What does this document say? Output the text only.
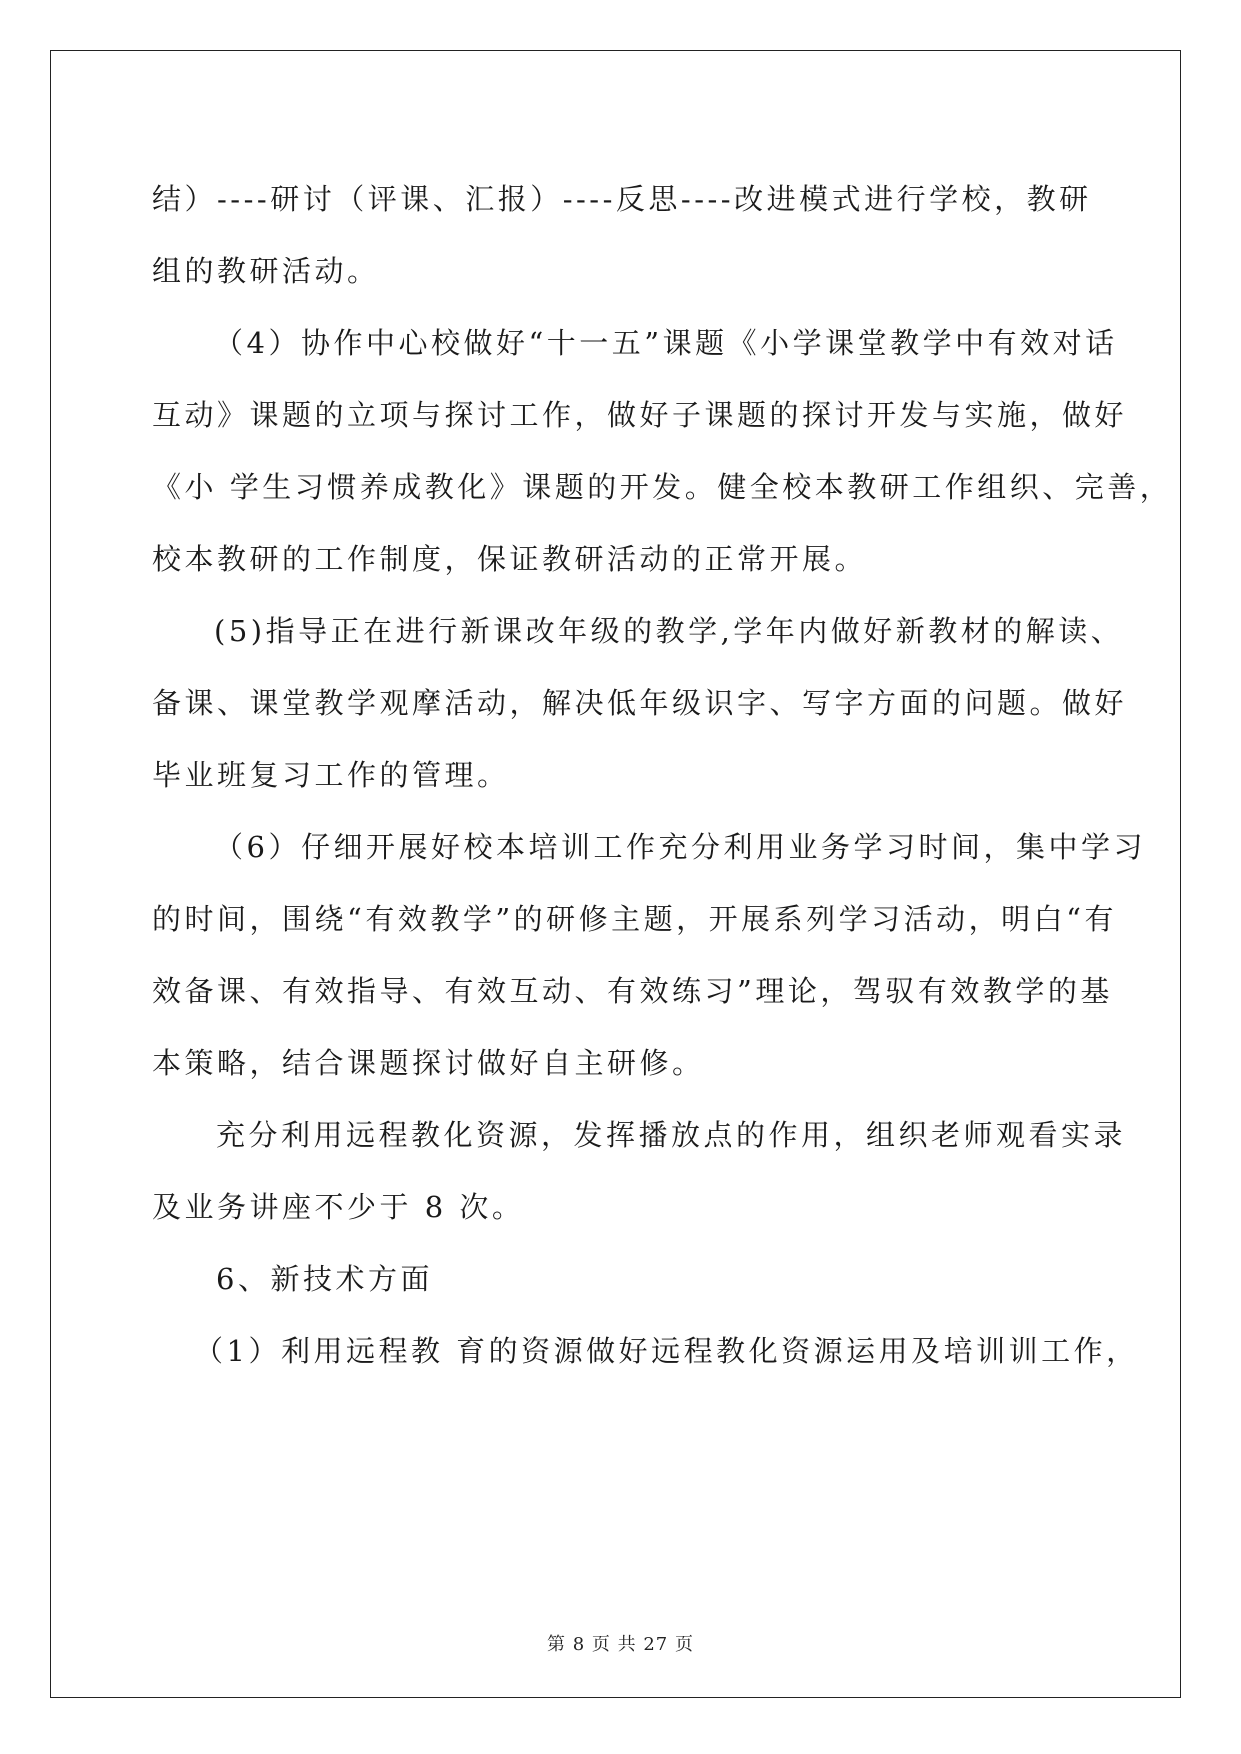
结）----研讨（评课、汇报）----反思----改进模式进行学校，教研
组的教研活动。
（4）协作中心校做好“十一五”课题《小学课堂教学中有效对话
互动》课题的立项与探讨工作，做好子课题的探讨开发与实施，做好
《小 学生习惯养成教化》课题的开发。健全校本教研工作组织、完善，
校本教研的工作制度，保证教研活动的正常开展。
(5)指导正在进行新课改年级的教学,学年内做好新教材的解读、
备课、课堂教学观摩活动，解决低年级识字、写字方面的问题。做好
毕业班复习工作的管理。
（6）仔细开展好校本培训工作充分利用业务学习时间，集中学习
的时间，围绕“有效教学”的研修主题，开展系列学习活动，明白“有
效备课、有效指导、有效互动、有效练习”理论，驾驭有效教学的基
本策略，结合课题探讨做好自主研修。
充分利用远程教化资源，发挥播放点的作用，组织老师观看实录
及业务讲座不少于 8 次。
6、新技术方面
（1）利用远程教 育的资源做好远程教化资源运用及培训训工作，
第 8 页 共 27 页
